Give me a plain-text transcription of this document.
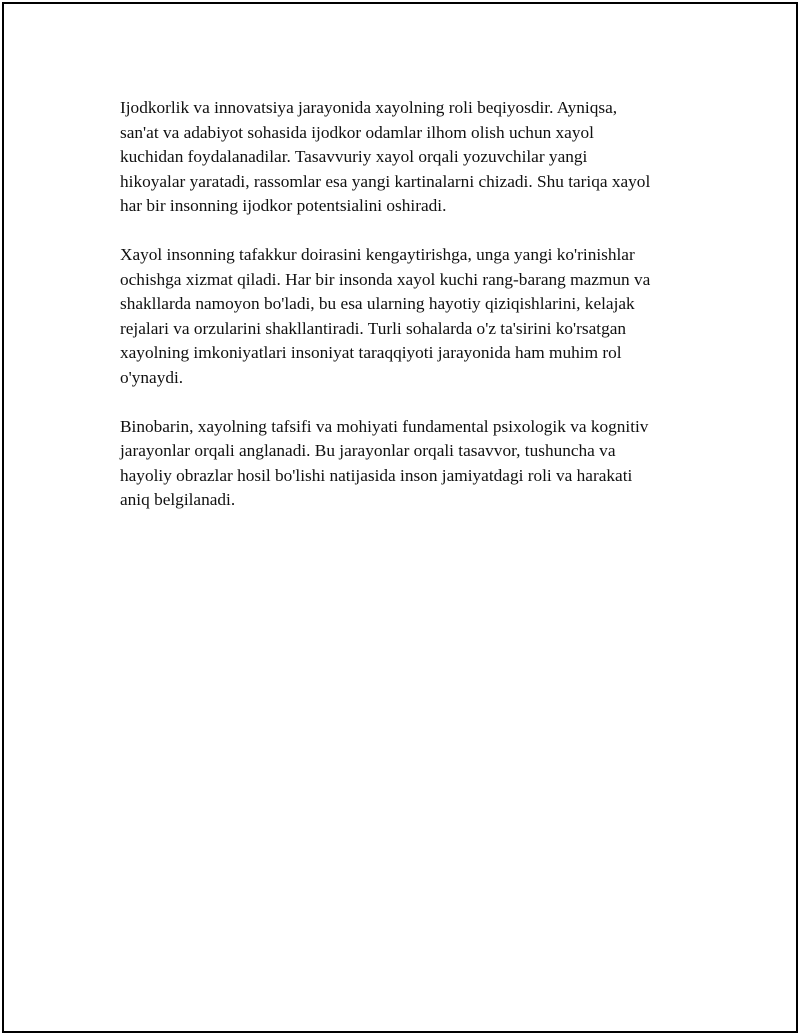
Ijodkorlik va innovatsiya jarayonida xayolning roli beqiyosdir. Ayniqsa,
san'at va adabiyot sohasida ijodkor odamlar ilhom olish uchun xayol
kuchidan foydalanadilar. Tasavvuriy xayol orqali yozuvchilar yangi
hikoyalar yaratadi, rassomlar esa yangi kartinalarni chizadi. Shu tariqa xayol
har bir insonning ijodkor potentsialini oshiradi.

Xayol insonning tafakkur doirasini kengaytirishga, unga yangi ko'rinishlar
ochishga xizmat qiladi. Har bir insonda xayol kuchi rang-barang mazmun va
shakllarda namoyon bo'ladi, bu esa ularning hayotiy qiziqishlarini, kelajak
rejalari va orzularini shakllantiradi. Turli sohalarda o'z ta'sirini ko'rsatgan
xayolning imkoniyatlari insoniyat taraqqiyoti jarayonida ham muhim rol
o'ynaydi.

Binobarin, xayolning tafsifi va mohiyati fundamental psixologik va kognitiv
jarayonlar orqali anglanadi. Bu jarayonlar orqali tasavvor, tushuncha va
hayoliy obrazlar hosil bo'lishi natijasida inson jamiyatdagi roli va harakati
aniq belgilanadi.
